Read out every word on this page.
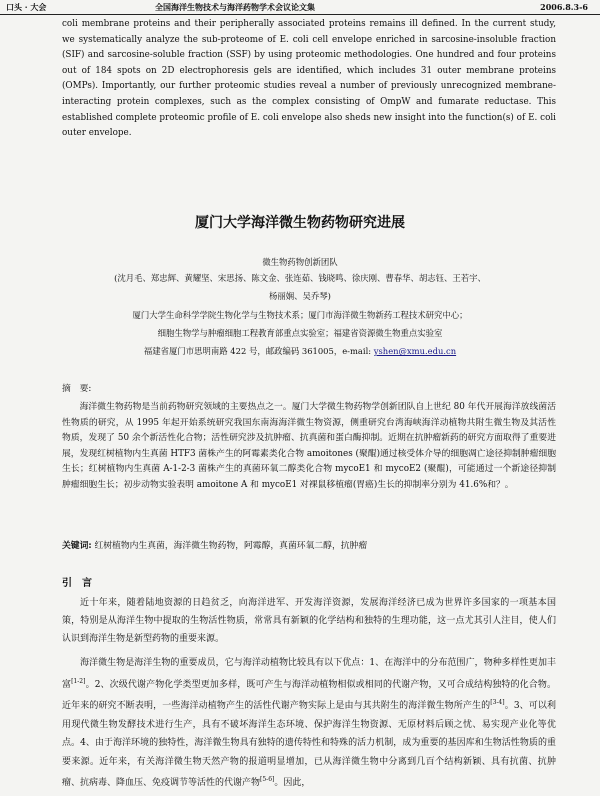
口头 · 大会	全国海洋生物技术与海洋药物学术会议论文集	2006.8.3-6

coli membrane proteins and their peripherally associated proteins remains ill defined. In the current study, we systematically analyze the sub-proteome of E. coli cell envelope enriched in sarcosine-insoluble fraction (SIF) and sarcosine-soluble fraction (SSF) by using proteomic methodologies. One hundred and four proteins out of 184 spots on 2D electrophoresis gels are identified, which includes 31 outer membrane proteins (OMPs). Importantly, our further proteomic studies reveal a number of previously unrecognized membrane-interacting protein complexes, such as the complex consisting of OmpW and fumarate reductase. This established complete proteomic profile of E. coli envelope also sheds new insight into the function(s) of E. coli outer envelope.

厦门大学海洋微生物药物研究进展

微生物药物创新团队

(沈月毛、郑忠辉、黄耀坚、宋思扬、陈文金、张连茹、钱晓鸣、徐庆刚、曹春华、胡志钰、王若宇、

杨丽娴、吴乔琴)

厦门大学生命科学学院生物化学与生物技术系；厦门市海洋微生物新药工程技术研究中心；

细胞生物学与肿瘤细胞工程教育部重点实验室；福建省资源微生物重点实验室

福建省厦门市思明南路 422 号，邮政编码 361005，e-mail: yshen@xmu.edu.cn

摘　要:

海洋微生物药物是当前药物研究领域的主要热点之一。厦门大学微生物药物学创新团队自上世纪 80 年代开展海洋放线菌活性物质的研究，从 1995 年起开始系统研究我国东南海海洋微生物资源，侧重研究台湾海峡海洋动植物共附生微生物及其活性物质，发现了 50 余个新活性化合物；活性研究涉及抗肿瘤、抗真菌和蛋白酶抑制。近期在抗肿瘤新药的研究方面取得了重要进展，发现红树植物内生真菌 HTF3 菌株产生的阿霉素类化合物 amoitones (聚醌)通过核受体介导的细胞凋亡途径抑制肿瘤细胞生长；红树植物内生真菌 A-1-2-3 菌株产生的真菌环氧二醇类化合物 mycoE1 和 mycoE2 (聚醌)，可能通过一个新途径抑制肿瘤细胞生长；初步动物实验表明 amoitone A 和 mycoE1 对裸鼠移植瘤(胃癌)生长的抑制率分别为 41.6%和？。

关键词: 红树植物内生真菌，海洋微生物药物，阿霉醇，真菌环氧二醇，抗肿瘤

引　言

近十年来，随着陆地资源的日趋贫乏，向海洋进军、开发海洋资源，发展海洋经济已成为世界许多国家的一项基本国策，特别是从海洋生物中提取的生物活性物质，常常具有新颖的化学结构和独特的生理功能，这一点尤其引人注目，使人们认识到海洋生物是新型药物的重要来源。

海洋微生物是海洋生物的重要成员，它与海洋动植物比较具有以下优点：1、在海洋中的分布范围广，物种多样性更加丰富[1-2]。2、次级代谢产物化学类型更加多样，既可产生与海洋动植物相似或相同的代谢产物，又可合成结构独特的化合物。近年来的研究不断表明，一些海洋动植物产生的活性代谢产物实际上是由与其共附生的海洋微生物所产生的[3-4]。3、可以利用现代微生物发酵技术进行生产，具有不破坏海洋生态环境、保护海洋生物资源、无原材料后顾之忧、易实现产业化等优点。4、由于海洋环境的独特性，海洋微生物具有独特的遗传特性和特殊的活力机制，成为重要的基因库和生物活性物质的重要来源。近年来，有关海洋微生物天然产物的报道明显增加，已从海洋微生物中分离到几百个结构新颖、具有抗菌、抗肿瘤、抗病毒、降血压、免疫调节等活性的代谢产物[5-6]。因此，
